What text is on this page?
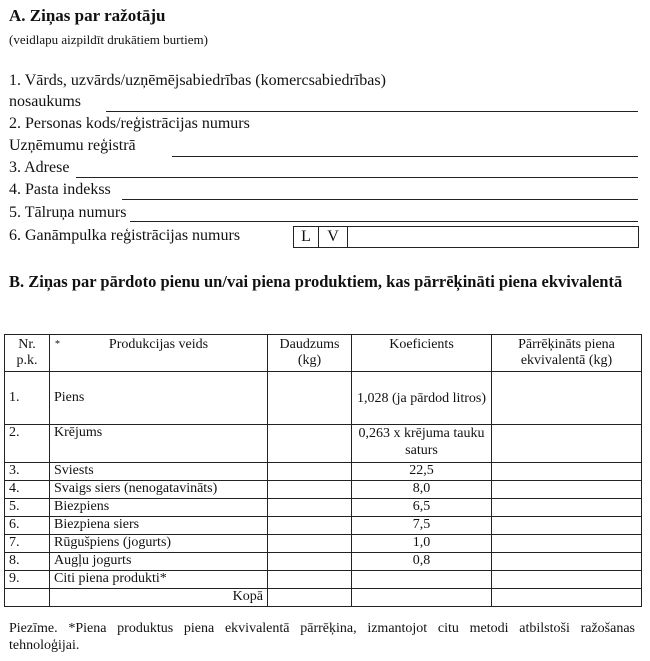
A. Ziņas par ražotāju
(veidlapu aizpildīt drukātiem burtiem)
1. Vārds, uzvārds/uzņēmējsabiedrības (komercsabiedrības)
nosaukums
2. Personas kods/reģistrācijas numurs
Uzņēmumu reģistrā
3. Adrese
4. Pasta indekss
5. Tālruņa numurs
6. Ganāmpulka reģistrācijas numurs	L	V
B. Ziņas par pārdoto pienu un/vai piena produktiem, kas pārrēķināti piena ekvivalentā
Nr. p.k.	* Produkcijas veids	Daudzums (kg)	Koeficients	Pārrēķināts piena ekvivalentā (kg)
1.	Piens		1,028 (ja pārdod litros)	
2.	Krējums		0,263 x krējuma tauku saturs	
3.	Sviests		22,5	
4.	Svaigs siers (nenogatavināts)		8,0	
5.	Biezpiens		6,5	
6.	Biezpiena siers		7,5	
7.	Rūgušpiens (jogurts)		1,0	
8.	Augļu jogurts		0,8	
9.	Citi piena produkti*			
	Kopā			
Piezīme. *Piena produktus piena ekvivalentā pārrēķina, izmantojot citu metodi atbilstoši ražošanas tehnoloģijai.
